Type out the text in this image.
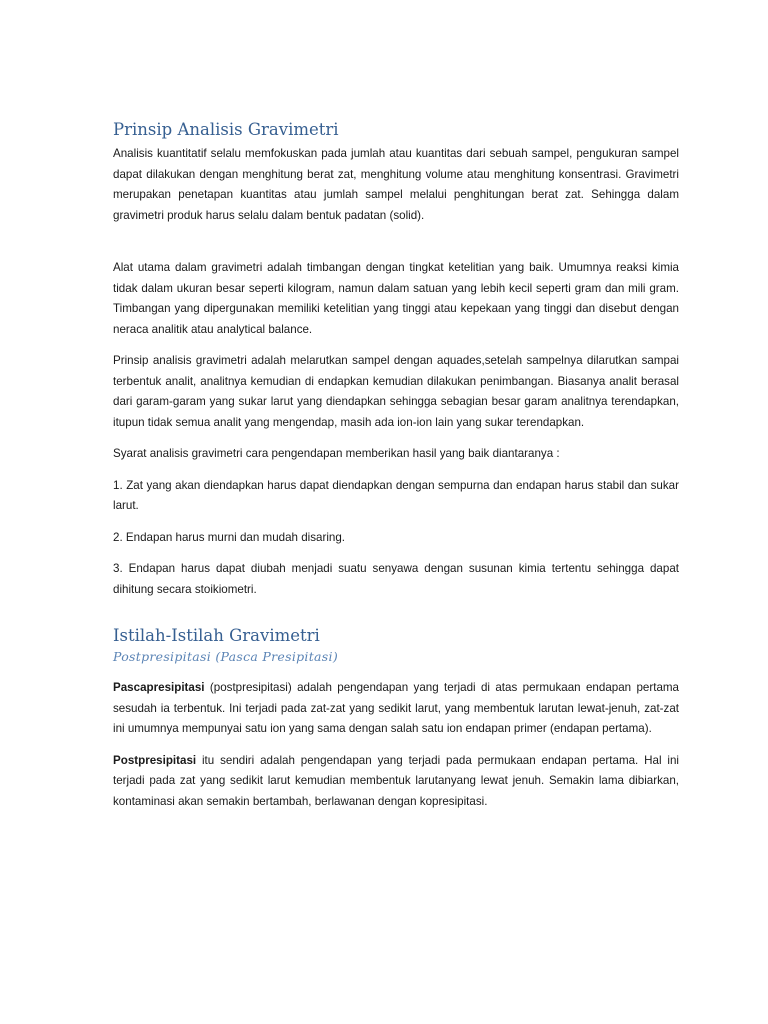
Prinsip Analisis Gravimetri

Analisis kuantitatif selalu memfokuskan pada jumlah atau kuantitas dari sebuah sampel, pengukuran sampel dapat dilakukan dengan menghitung berat zat, menghitung volume atau menghitung konsentrasi. Gravimetri merupakan penetapan kuantitas atau jumlah sampel melalui penghitungan berat zat. Sehingga dalam gravimetri produk harus selalu dalam bentuk padatan (solid).

Alat utama dalam gravimetri adalah timbangan dengan tingkat ketelitian yang baik. Umumnya reaksi kimia tidak dalam ukuran besar seperti kilogram, namun dalam satuan yang lebih kecil seperti gram dan mili gram. Timbangan yang dipergunakan memiliki ketelitian yang tinggi atau kepekaan yang tinggi dan disebut dengan neraca analitik atau analytical balance.

Prinsip analisis gravimetri adalah melarutkan sampel dengan aquades,setelah sampelnya dilarutkan sampai terbentuk analit, analitnya kemudian di endapkan kemudian dilakukan penimbangan. Biasanya analit berasal dari garam-garam yang sukar larut yang diendapkan sehingga sebagian besar garam analitnya terendapkan, itupun tidak semua analit yang mengendap, masih ada ion-ion lain yang sukar terendapkan.

Syarat analisis gravimetri cara pengendapan memberikan hasil yang baik diantaranya :

1. Zat yang akan diendapkan harus dapat diendapkan dengan sempurna dan endapan harus stabil dan sukar larut.

2. Endapan harus murni dan mudah disaring.

3. Endapan harus dapat diubah menjadi suatu senyawa dengan susunan kimia tertentu sehingga dapat dihitung secara stoikiometri.

Istilah-Istilah Gravimetri
Postpresipitasi (Pasca Presipitasi)

Pascapresipitasi (postpresipitasi) adalah pengendapan yang terjadi di atas permukaan endapan pertama sesudah ia terbentuk. Ini terjadi pada zat-zat yang sedikit larut, yang membentuk larutan lewat-jenuh, zat-zat ini umumnya mempunyai satu ion yang sama dengan salah satu ion endapan primer (endapan pertama).

Postpresipitasi itu sendiri adalah pengendapan yang terjadi pada permukaan endapan pertama. Hal ini terjadi pada zat yang sedikit larut kemudian membentuk larutanyang lewat jenuh. Semakin lama dibiarkan, kontaminasi akan semakin bertambah, berlawanan dengan kopresipitasi.
